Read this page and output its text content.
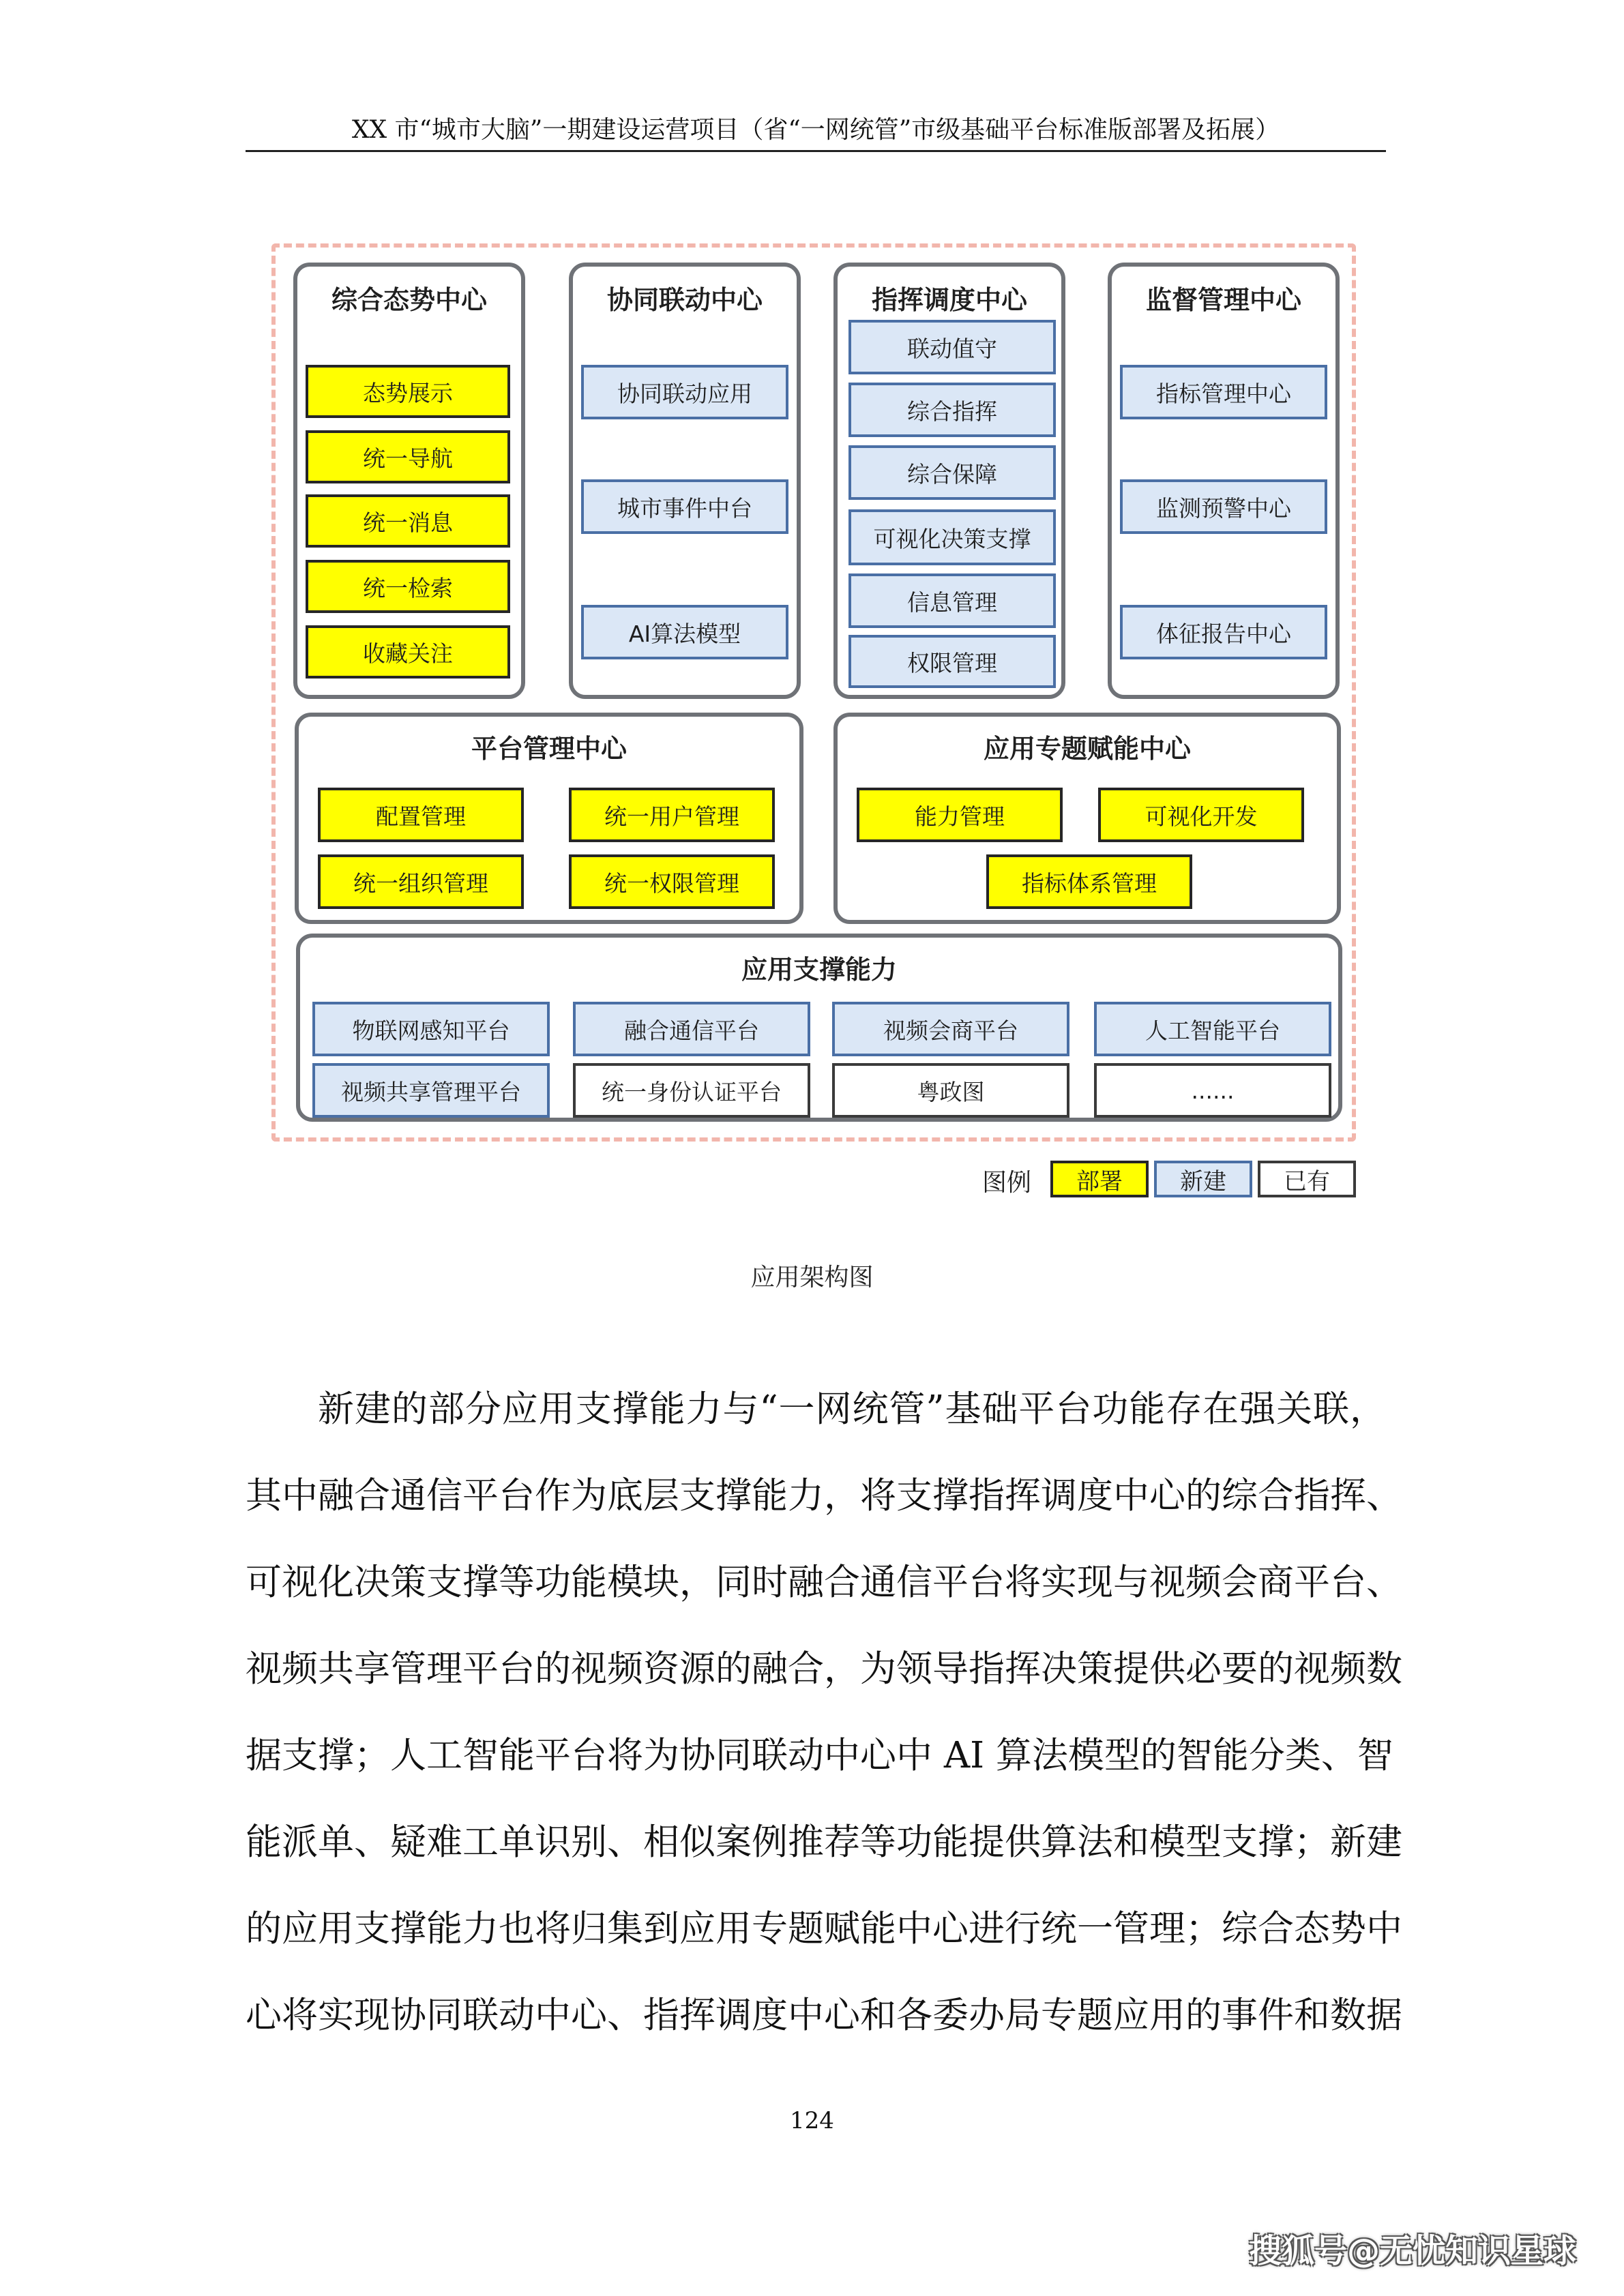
XX 市“城市大脑”一期建设运营项目（省“一网统管”市级基础平台标准版部署及拓展）
综合态势中心
态势展示
统一导航
统一消息
统一检索
收藏关注
协同联动中心
协同联动应用
城市事件中台
AI算法模型
指挥调度中心
联动值守
综合指挥
综合保障
可视化决策支撑
信息管理
权限管理
监督管理中心
指标管理中心
监测预警中心
体征报告中心
平台管理中心
配置管理	统一用户管理
统一组织管理	统一权限管理
应用专题赋能中心
能力管理	可视化开发
指标体系管理
应用支撑能力
物联网感知平台	融合通信平台	视频会商平台	人工智能平台
视频共享管理平台	统一身份认证平台	粤政图	......
图例	部署	新建	已有
应用架构图
新建的部分应用支撑能力与“一网统管”基础平台功能存在强关联，
其中融合通信平台作为底层支撑能力，将支撑指挥调度中心的综合指挥、
可视化决策支撑等功能模块，同时融合通信平台将实现与视频会商平台、
视频共享管理平台的视频资源的融合，为领导指挥决策提供必要的视频数
据支撑；人工智能平台将为协同联动中心中 AI 算法模型的智能分类、智
能派单、疑难工单识别、相似案例推荐等功能提供算法和模型支撑；新建
的应用支撑能力也将归集到应用专题赋能中心进行统一管理；综合态势中
心将实现协同联动中心、指挥调度中心和各委办局专题应用的事件和数据
124
搜狐号@无忧知识星球
